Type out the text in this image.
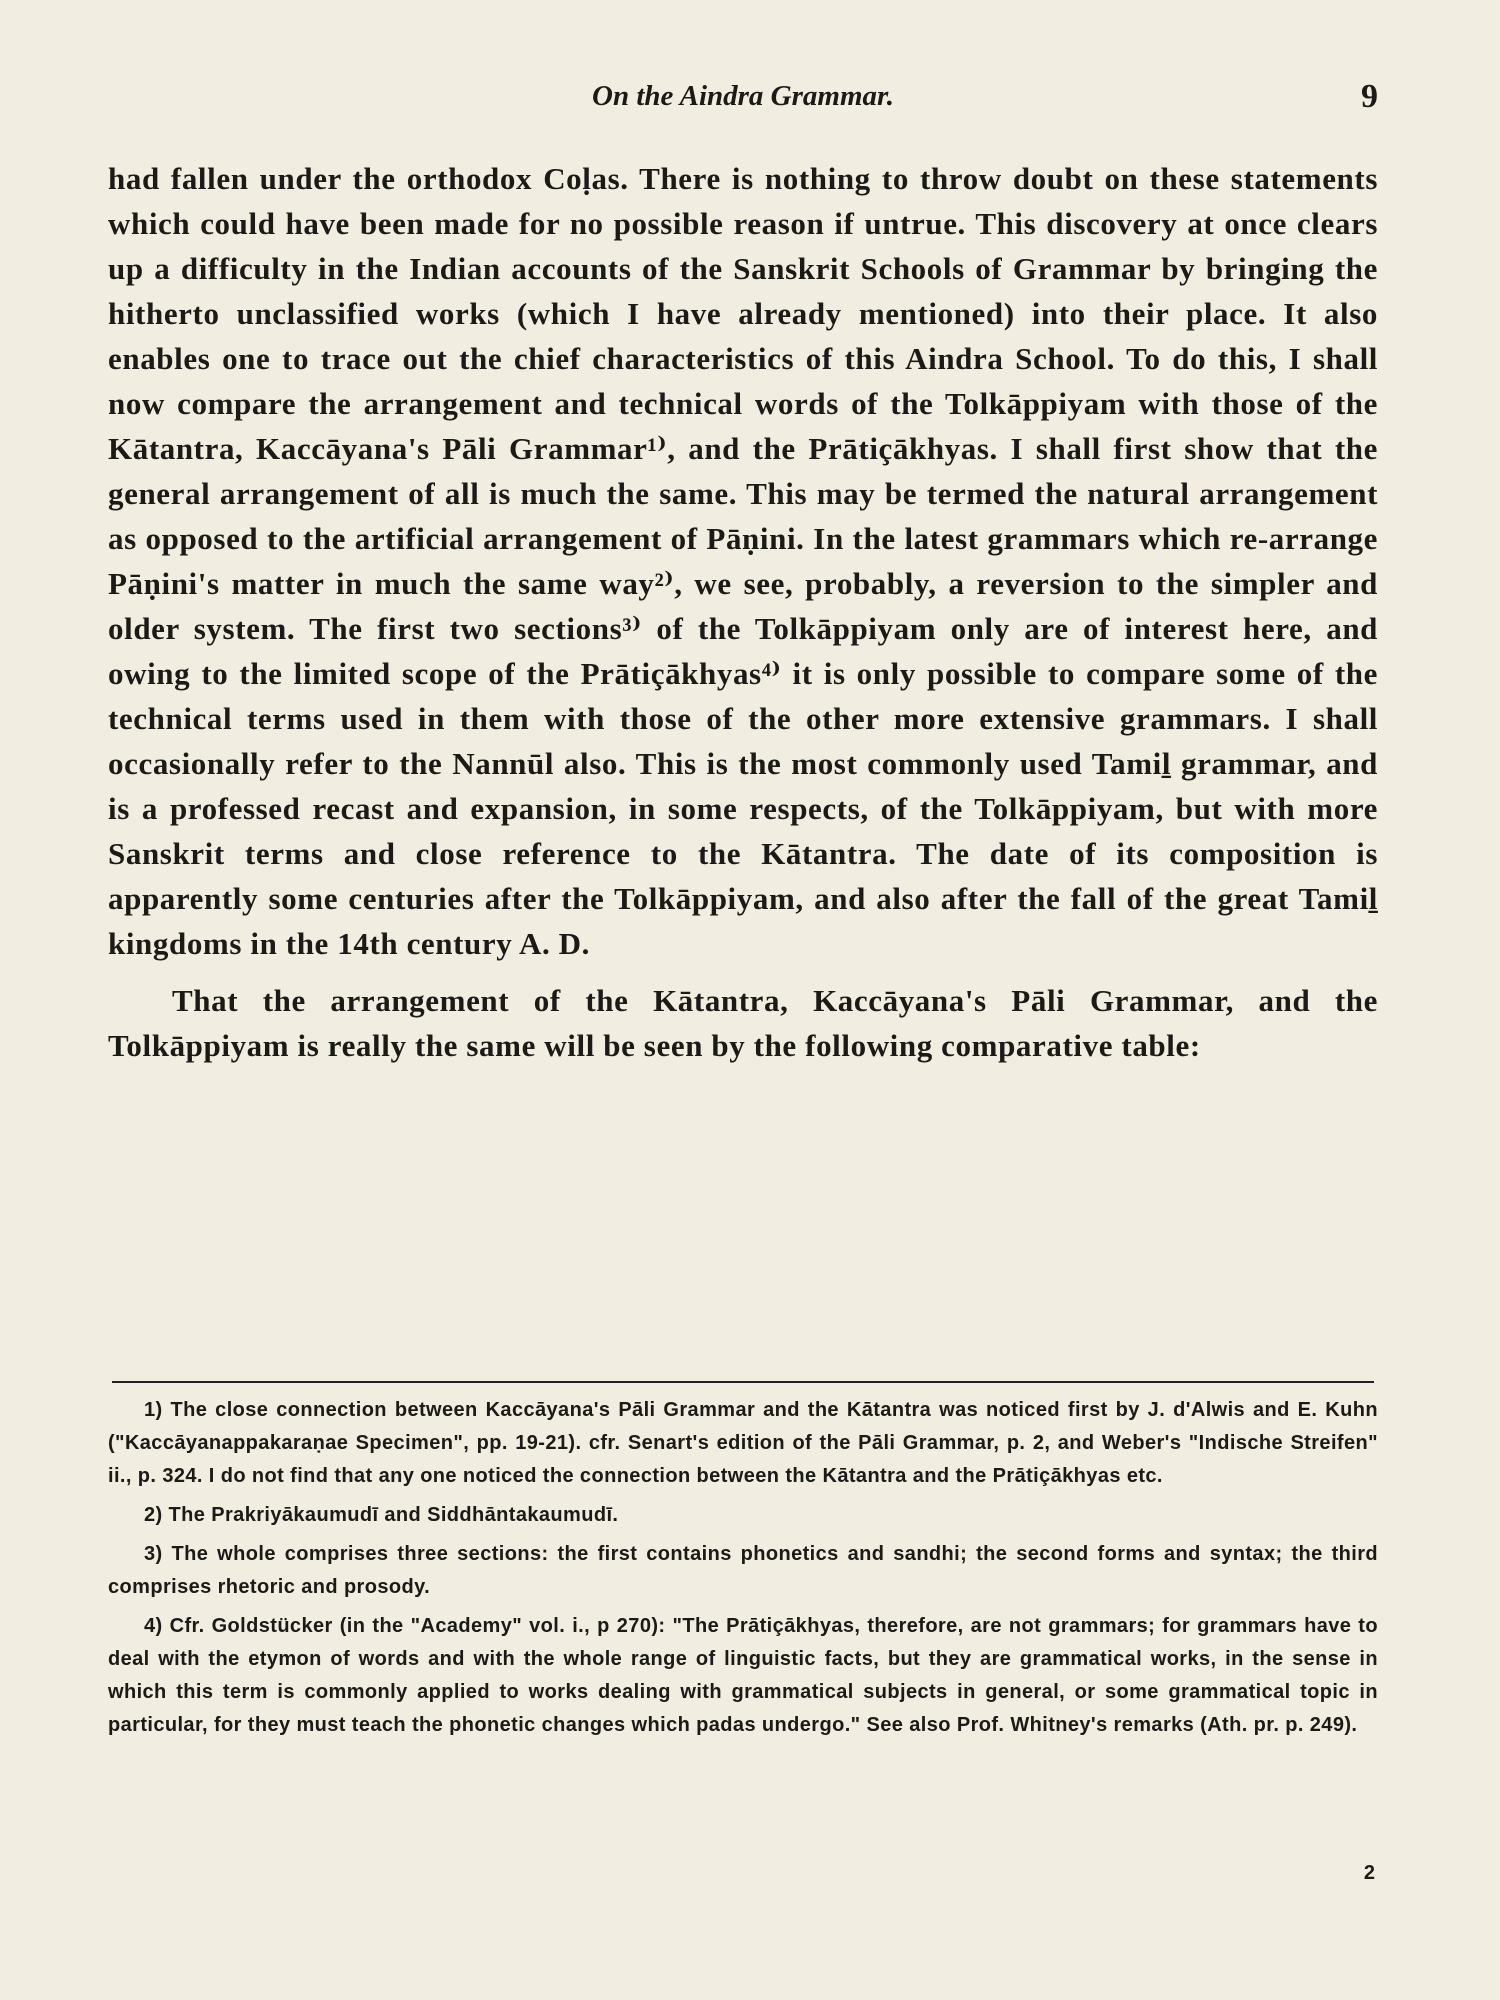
On the Aindra Grammar.	9

had fallen under the orthodox Coḷas. There is nothing to throw doubt on these statements which could have been made for no possible reason if untrue. This discovery at once clears up a difficulty in the Indian accounts of the Sanskrit Schools of Grammar by bringing the hitherto unclassified works (which I have already mentioned) into their place. It also enables one to trace out the chief characteristics of this Aindra School. To do this, I shall now compare the arrangement and technical words of the Tolkāppiyam with those of the Kātantra, Kaccāyana's Pāli Grammar¹⁾, and the Prātiçākhyas. I shall first show that the general arrangement of all is much the same. This may be termed the natural arrangement as opposed to the artificial arrangement of Pāṇini. In the latest grammars which re-arrange Pāṇini's matter in much the same way²⁾, we see, probably, a reversion to the simpler and older system. The first two sections³⁾ of the Tolkāppiyam only are of interest here, and owing to the limited scope of the Prātiçākhyas⁴⁾ it is only possible to compare some of the technical terms used in them with those of the other more extensive grammars. I shall occasionally refer to the Nannūl also. This is the most commonly used Tamiḻ grammar, and is a professed recast and expansion, in some respects, of the Tolkāppiyam, but with more Sanskrit terms and close reference to the Kātantra. The date of its composition is apparently some centuries after the Tolkāppiyam, and also after the fall of the great Tamiḻ kingdoms in the 14th century A. D.

That the arrangement of the Kātantra, Kaccāyana's Pāli Grammar, and the Tolkāppiyam is really the same will be seen by the following comparative table:

1) The close connection between Kaccāyana's Pāli Grammar and the Kātantra was noticed first by J. d'Alwis and E. Kuhn ("Kaccāyanappakaraṇae Specimen", pp. 19-21). cfr. Senart's edition of the Pāli Grammar, p. 2, and Weber's "Indische Streifen" ii., p. 324. I do not find that any one noticed the connection between the Kātantra and the Prātiçākhyas etc.

2) The Prakriyākaumudī and Siddhāntakaumudī.

3) The whole comprises three sections: the first contains phonetics and sandhi; the second forms and syntax; the third comprises rhetoric and prosody.

4) Cfr. Goldstücker (in the "Academy" vol. i., p 270): "The Prātiçākhyas, therefore, are not grammars; for grammars have to deal with the etymon of words and with the whole range of linguistic facts, but they are grammatical works, in the sense in which this term is commonly applied to works dealing with grammatical subjects in general, or some grammatical topic in particular, for they must teach the phonetic changes which padas undergo." See also Prof. Whitney's remarks (Ath. pr. p. 249).

2
